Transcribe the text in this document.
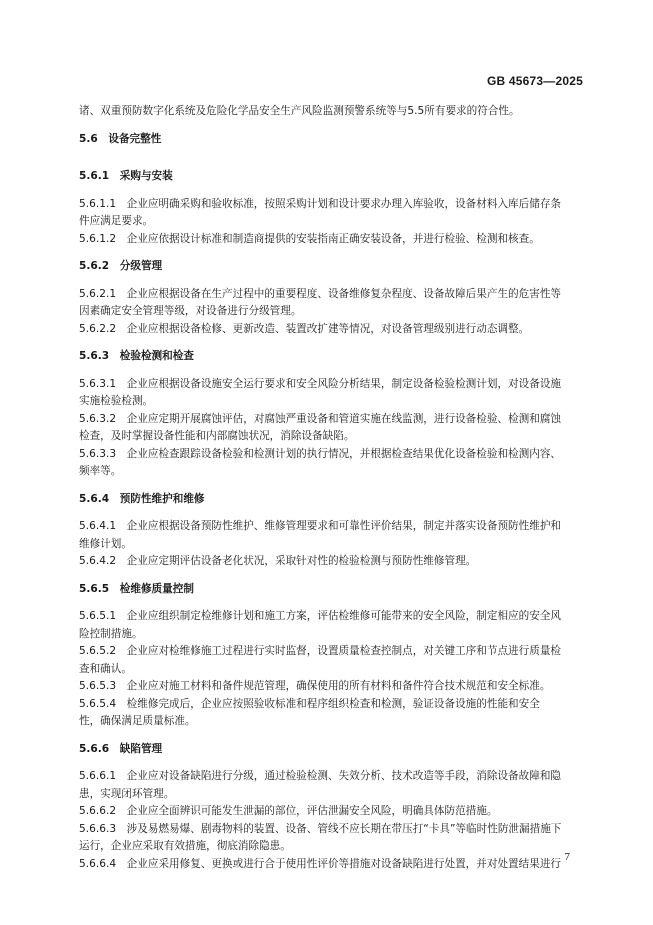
GB 45673—2025
诸、双重预防数字化系统及危险化学品安全生产风险监测预警系统等与5.5所有要求的符合性。
5.6  设备完整性
5.6.1  采购与安装
5.6.1.1  企业应明确采购和验收标准，按照采购计划和设计要求办理入库验收，设备材料入库后储存条
件应满足要求。
5.6.1.2  企业应依据设计标准和制造商提供的安装指南正确安装设备，并进行检验、检测和核查。
5.6.2  分级管理
5.6.2.1  企业应根据设备在生产过程中的重要程度、设备维修复杂程度、设备故障后果产生的危害性等
因素确定安全管理等级，对设备进行分级管理。
5.6.2.2  企业应根据设备检修、更新改造、装置改扩建等情况，对设备管理级别进行动态调整。
5.6.3  检验检测和检查
5.6.3.1  企业应根据设备设施安全运行要求和安全风险分析结果，制定设备检验检测计划，对设备设施
实施检验检测。
5.6.3.2  企业应定期开展腐蚀评估，对腐蚀严重设备和管道实施在线监测，进行设备检验、检测和腐蚀
检查，及时掌握设备性能和内部腐蚀状况，消除设备缺陷。
5.6.3.3  企业应检查跟踪设备检验和检测计划的执行情况，并根据检查结果优化设备检验和检测内容、
频率等。
5.6.4  预防性维护和维修
5.6.4.1  企业应根据设备预防性维护、维修管理要求和可靠性评价结果，制定并落实设备预防性维护和
维修计划。
5.6.4.2  企业应定期评估设备老化状况，采取针对性的检验检测与预防性维修管理。
5.6.5  检维修质量控制
5.6.5.1  企业应组织制定检维修计划和施工方案，评估检维修可能带来的安全风险，制定相应的安全风
险控制措施。
5.6.5.2  企业应对检维修施工过程进行实时监督，设置质量检查控制点，对关键工序和节点进行质量检
查和确认。
5.6.5.3  企业应对施工材料和备件规范管理，确保使用的所有材料和备件符合技术规范和安全标准。
5.6.5.4  检维修完成后，企业应按照验收标准和程序组织检查和检测，验证设备设施的性能和安全
性，确保满足质量标准。
5.6.6  缺陷管理
5.6.6.1  企业应对设备缺陷进行分级，通过检验检测、失效分析、技术改造等手段，消除设备故障和隐
患，实现闭环管理。
5.6.6.2  企业应全面辨识可能发生泄漏的部位，评估泄漏安全风险，明确具体防范措施。
5.6.6.3  涉及易燃易爆、剧毒物料的装置、设备、管线不应长期在带压打“卡具”等临时性防泄漏措施下
运行，企业应采取有效措施，彻底消除隐患。
5.6.6.4  企业应采用修复、更换或进行合于使用性评价等措施对设备缺陷进行处置，并对处置结果进行
7
